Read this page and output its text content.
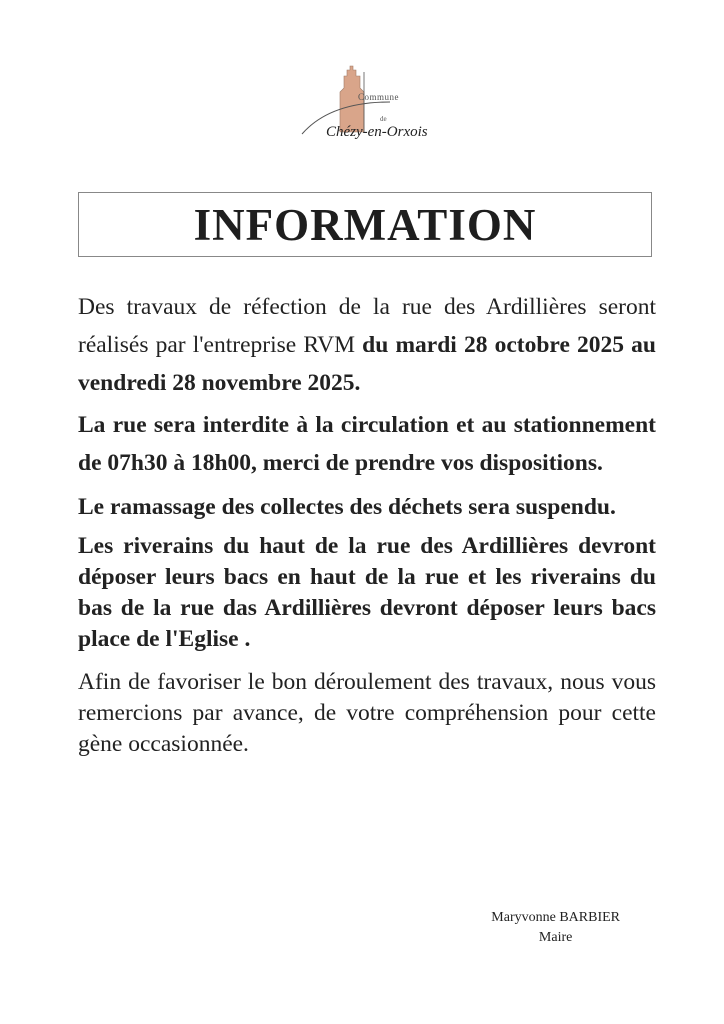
Commune
de
Chézy-en-Orxois
INFORMATION

Des travaux de réfection de la rue des Ardillières seront réalisés par l'entreprise RVM du mardi 28 octobre 2025 au vendredi 28 novembre 2025.

La rue sera interdite à la circulation et au stationnement de 07h30 à 18h00, merci de prendre vos dispositions.

Le ramassage des collectes des déchets sera suspendu.

Les riverains du haut de la rue des Ardillières devront déposer leurs bacs en haut de la rue et les riverains du bas de la rue das Ardillières devront déposer leurs bacs place de l'Eglise .

Afin de favoriser le bon déroulement des travaux, nous vous remercions par avance, de votre compréhension pour cette gène occasionnée.

Maryvonne BARBIER
Maire
